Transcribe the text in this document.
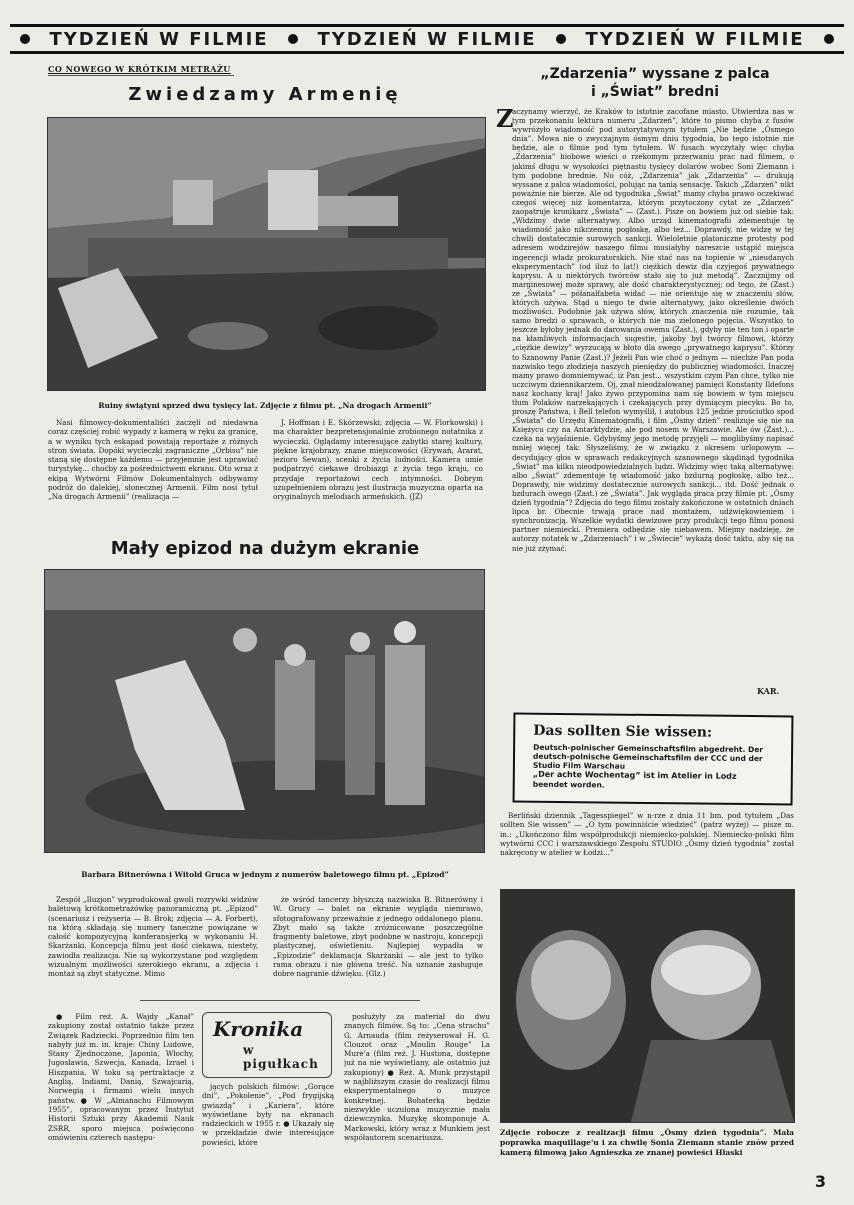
TYDZIEŃ W FILMIE	TYDZIEŃ W FILMIE	TYDZIEŃ W FILMIE
CO NOWEGO W KRÓTKIM METRAŻU
Zwiedzamy Armenię
Ruiny świątyni sprzed dwu tysięcy lat. Zdjęcie z filmu pt. „Na drogach Armenii”

Nasi filmowcy-dokumentaliści zaczęli od niedawna coraz częściej robić wypady z kamerą w ręku za granicę, a w wyniku tych eskapad powstają reportaże z różnych stron świata. Dopóki wycieczki zagraniczne „Orbisu” nie staną się dostępne każdemu — przyjemnie jest uprawiać turystykę... choćby za pośrednictwem ekranu. Oto wraz z ekipą Wytwórni Filmów Dokumentalnych odbywamy podróż do dalekiej, słonecznej Armenii. Film nosi tytuł „Na drogach Armenii” (realizacja —

J. Hoffman i E. Skórzewski; zdjęcia — W. Florkowski) i ma charakter bezpretensjonalnie zrobionego notatnika z wycieczki. Oglądamy interesujące zabytki starej kultury, piękne krajobrazy, znane miejscowości (Erywań, Ararat, jezioro Sewan), scenki z życia ludności. Kamera umie podpatrzyć ciekawe drobiazgi z życia tego kraju, co przydaje reportażowi cech intymności. Dobrym uzupełnieniem obrazu jest ilustracja muzyczna oparta na oryginalnych melodiach armeńskich. (JZ)

Mały epizod na dużym ekranie
Barbara Bitnerówna i Witold Gruca w jednym z numerów baletowego filmu pt. „Epizod”

Zespół „Iluzjon” wyprodukował gwoli rozrywki widzów baletową krótkometrażówkę panoramiczną pt. „Epizod” (scenariusz i reżyseria — B. Brok; zdjęcia — A. Forbert), na którą składają się numery taneczne powiązane w całość kompozycyjną konferansjerką w wykonaniu H. Skarżanki. Koncepcja filmu jest dość ciekawa, niestety, zawiodła realizacja. Nie są wykorzystane pod względem wizualnym możliwości szerokiego ekranu, a zdjęcia i montaż są zbyt statyczne. Mimo

że wśród tancerzy błyszczą nazwiska B. Bitnerówny i W. Grucy — balet na ekranie wygląda niemrawo, sfotografowany przeważnie z jednego oddalonego planu. Zbyt mało są także zróżnicowane poszczególne fragmenty baletowe, zbyt podobne w nastroju, koncepcji plastycznej, oświetleniu. Najlepiej wypadła w „Epizodzie” deklamacja Skarżanki — ale jest to tylko rama obrazu i nie główna treść. Na uznanie zasługuje dobre nagranie dźwięku. (Glz.)

● Film reż. A. Wajdy „Kanał” zakupiony został ostatnio także przez Związek Radziecki. Poprzednio film ten nabyły już m. in. kraje: Chiny Ludowe, Stany Zjednoczone, Japonia, Włochy, Jugosławia, Szwecja, Kanada, Izrael i Hiszpania. W toku są pertraktacje z Anglią, Indiami, Danią, Szwajcarią, Norwegią i firmami wielu innych państw. ● W „Almanachu Filmowym 1955”, opracowanym przez Instytut Historii Sztuki przy Akademii Nauk ZSRR, sporo miejsca poświęcono omówieniu czterech następu-

Kronika
w pigułkach

jących polskich filmów: „Gorące dni”, „Pokolenie”, „Pod frygijską gwiazdą” i „Kariera”, które wyświetlane były na ekranach radzieckich w 1955 r. ● Ukazały się w przekładzie dwie interesujące powieści, które

posłużyły za materiał do dwu znanych filmów. Są to: „Cena strachu” G. Arnauda (film reżyserował H. G. Clouzot oraz „Moulin Rouge” La Mure'a (film reż. J. Hustona, dostępne już na nie wyświetlany, ale ostatnio już zakupiony) ● Reż. A. Munk przystąpił w najbliższym czasie do realizacji filmu eksperymentalnego o muzyce konkretnej. Bohaterką będzie niezwykle uczulona muzycznie mała dziewczynka. Muzykę skomponuje A. Markowski, który wraz z Munkiem jest współautorem scenariusza.

„Zdarzenia” wyssane z palca
i „Świat” bredni
Z

aczynamy wierzyć, że Kraków to istotnie zacofane miasto. Utwierdza nas w tym przekonaniu lektura numeru „Zdarzeń”, które to pismo chyba z fusów wywróżyło wiadomość pod autorytatywnym tytułem „Nie będzie „Ósmego dnia”. Mowa nie o zwyczajnym ósmym dniu tygodnia, bo tego istotnie nie będzie, ale o filmie pod tym tytułem. W fusach wyczytały więc chyba „Zdarzenia” hiobowe wieści o rzekomym przerwaniu prac nad filmem, o jakimś długu w wysokości piętnastu tysięcy dolarów wobec Soni Ziemann i tym podobne brednie. No cóż, „Zdarzenia” jak „Zdarzenia” — drukują wyssane z palca wiadomości, polując na tanią sensację. Takich „Zdarzeń” nikt poważnie nie bierze. Ale od tygodnika „Świat” mamy chyba prawo oczekiwać czegoś więcej niż komentarza, którym przytoczony cytat ze „Zdarzeń” zaopatruje kronikarz „Świata” — (Zast.). Pisze on bowiem już od siebie tak: „Widzimy dwie alternatywy. Albo urząd kinematografii zdementuje tę wiadomość jako nikczemną pogłoskę, albo też... Doprawdy, nie widzę w tej chwili dostatecznie surowych sankcji. Wieloletnie platoniczne protesty pod adresem wodzirejów naszego filmu musiałyby nareszcie ustąpić miejsca ingerencji władz prokuratorskich. Nie stać nas na topienie w „nieudanych eksperymentach” (od iluż to lat!) ciężkich dewiz dla czyjegoś prywatnego kaprysu. A u niektórych twórców stało się to już metodą”. Zacznijmy od marginesowej może sprawy, ale dość charakterystycznej; od tego, że (Zast.) ze „Świata” — półanalfabeta widać — nie orientuje się w znaczeniu słów, których używa. Stąd u niego te dwie alternatywy, jako określenie dwóch możliwości. Podobnie jak używa słów, których znaczenia nie rozumie, tak samo bredzi o sprawach, o których nie ma zielonego pojęcia. Wszystko to jeszcze byłoby jednak do darowania owemu (Zast.), gdyby nie ten ton i oparte na kłamliwych informacjach sugestie, jakoby był twórcy filmowi, którzy „ciężkie dewizy” wyrzucają w błoto dla swego „prywatnego kaprysu”. Którzy to Szanowny Panie (Zast.)? Jeżeli Pan wie choć o jednym — niechże Pan poda nazwisko tego złodzieja naszych pieniędzy do publicznej wiadomości. Inaczej mamy prawo domniemywać, iż Pan jest... wszystkim czym Pan chce, tylko nie uczciwym dziennikarzem. Oj, znał nieodżałowanej pamięci Konstanty Ildefons nasz kochany kraj! Jako żywo przypomina nam się bowiem w tym miejscu tłum Polaków narzekających i czekających przy dymiącym piecyku. Bo to, proszę Państwa, i Bell telefon wymyślił, i autobus 125 jedzie prościutko spod „Świata” do Urzędu Kinematografii, i film „Ósmy dzień” realizuje się nie na Księżycu czy na Antarktydzie, ale pod nosem w Warszawie. Ale ów (Zast.)... czeka na wyjaśnienie. Gdybyśmy jego metodę przyjęli — moglibyśmy napisać mniej więcej tak: Słyszeliśmy, że w związku z okresem urlopowym — decydujący głos w sprawach redakcyjnych szanownego skądinąd tygodnika „Świat” ma kilku nieodpowiedzialnych ludzi. Widzimy więc taką alternatywę: albo „Świat” zdementuje tę wiadomość jako bzdurną pogłoskę, albo też... Doprawdy, nie widzimy dostatecznie surowych sankcji... itd. Dość jednak o bzdurach owego (Zast.) ze „Świata”. Jak wygląda praca przy filmie pt. „Ósmy dzień tygodnia”? Zdjęcia do tego filmu zostały zakończone w ostatnich dniach lipca br. Obecnie trwają prace nad montażem, udźwiękowieniem i synchronizacją. Wszelkie wydatki dewizowe przy produkcji tego filmu ponosi partner niemiecki. Premiera odbędzie się niebawem. Miejmy nadzieję, że autorzy notatek w „Zdarzeniach” i w „Świecie” wykażą dość taktu, aby się na nie już zżymać.

KAR.
Das sollten Sie wissen:
Deutsch-polnischer Gemeinschaftsfilm abgedreht. Der deutsch-polnische Gemeinschaftsfilm der CCC und der Studio Film Warschau
„Der achte Wochentag” ist im Atelier in Lodz
beendet worden.

Berliński dziennik „Tagesspiegel” w n-rze z dnia 11 bm. pod tytułem „Das sollten Sie wissen” — „O tym powinniście wiedzieć” (patrz wyżej) — pisze m. in.: „Ukończono film współprodukcji niemiecko-polskiej. Niemiecko-polski film wytwórni CCC i warszawskiego Zespołu STUDIO „Ósmy dzień tygodnia” został nakręcony w atelier w Łodzi...”

Zdjęcie robocze z realizacji filmu „Ósmy dzień tygodnia”. Mała poprawka maquillage'u i za chwilę Sonia Ziemann stanie znów przed kamerą filmową jako Agnieszka ze znanej powieści Hłaski
3
